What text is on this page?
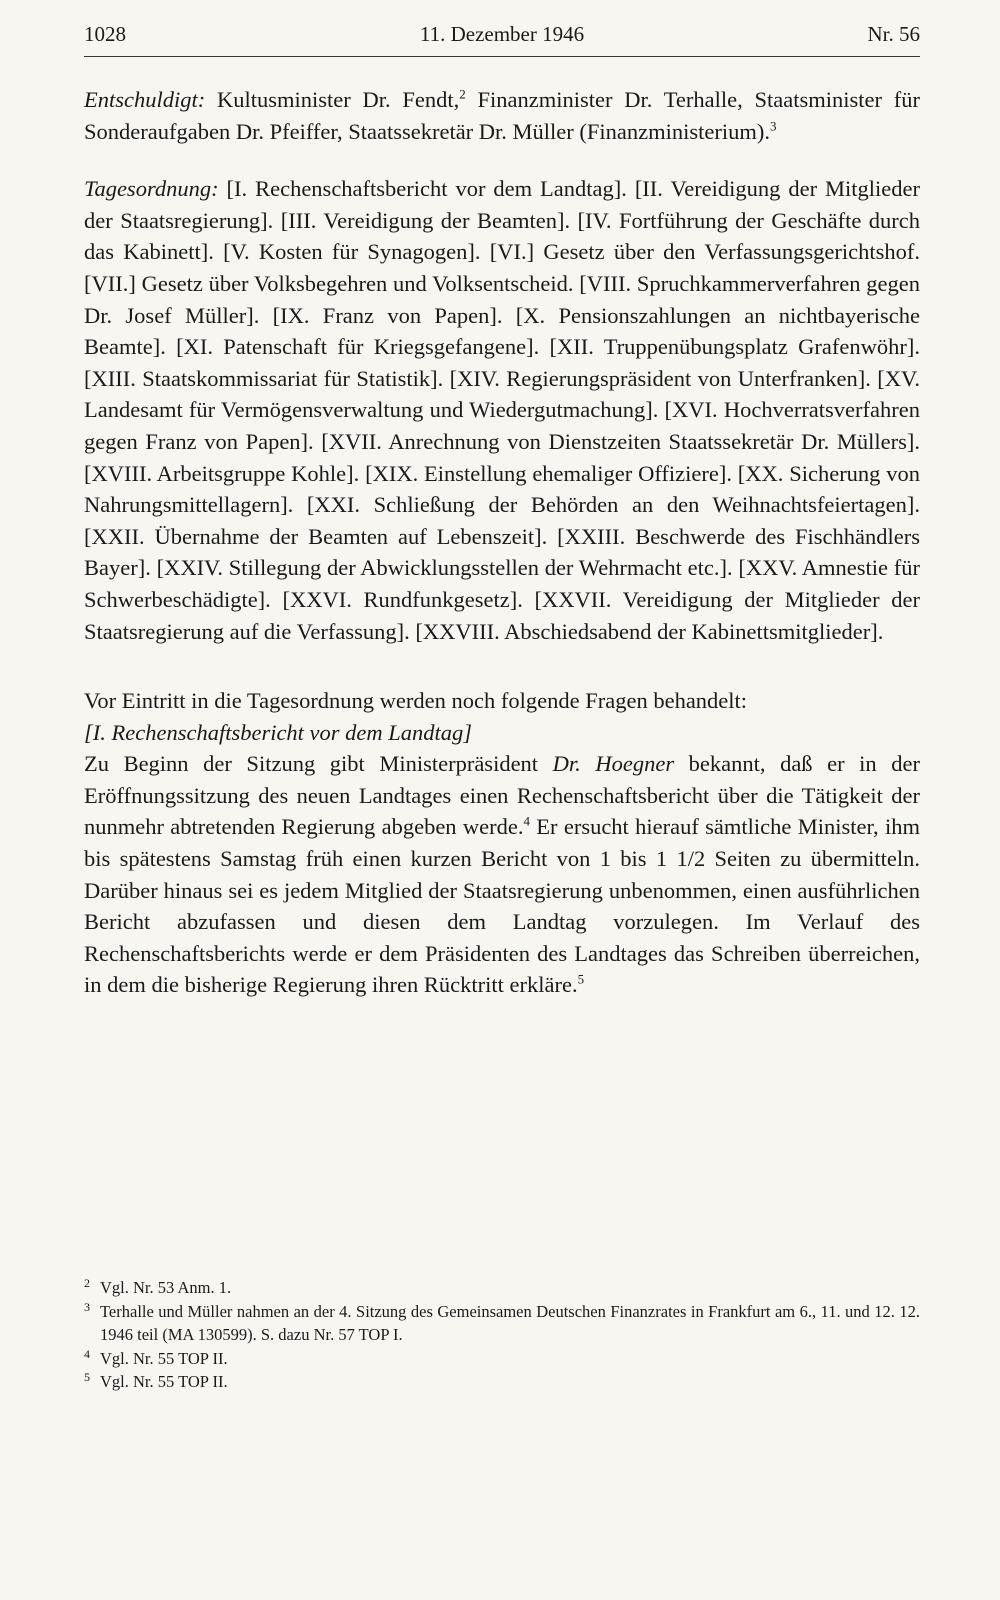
1028	11. Dezember 1946	Nr. 56

Entschuldigt: Kultusminister Dr. Fendt,$^2$ Finanzminister Dr. Terhalle, Staatsminister für Sonderaufgaben Dr. Pfeiffer, Staatssekretär Dr. Müller (Finanzministerium).$^3$

Tagesordnung: [I. Rechenschaftsbericht vor dem Landtag]. [II. Vereidigung der Mitglieder der Staatsregierung]. [III. Vereidigung der Beamten]. [IV. Fortführung der Geschäfte durch das Kabinett]. [V. Kosten für Synagogen]. [VI.] Gesetz über den Verfassungsgerichtshof. [VII.] Gesetz über Volksbegehren und Volksentscheid. [VIII. Spruchkammerverfahren gegen Dr. Josef Müller]. [IX. Franz von Papen]. [X. Pensionszahlungen an nichtbayerische Beamte]. [XI. Patenschaft für Kriegsgefangene]. [XII. Truppenübungsplatz Grafenwöhr]. [XIII. Staatskommissariat für Statistik]. [XIV. Regierungspräsident von Unterfranken]. [XV. Landesamt für Vermögensverwaltung und Wiedergutmachung]. [XVI. Hochverratsverfahren gegen Franz von Papen]. [XVII. Anrechnung von Dienstzeiten Staatssekretär Dr. Müllers]. [XVIII. Arbeitsgruppe Kohle]. [XIX. Einstellung ehemaliger Offiziere]. [XX. Sicherung von Nahrungsmittellagern]. [XXI. Schließung der Behörden an den Weihnachtsfeiertagen]. [XXII. Übernahme der Beamten auf Lebenszeit]. [XXIII. Beschwerde des Fischhändlers Bayer]. [XXIV. Stillegung der Abwicklungsstellen der Wehrmacht etc.]. [XXV. Amnestie für Schwerbeschädigte]. [XXVI. Rundfunkgesetz]. [XXVII. Vereidigung der Mitglieder der Staatsregierung auf die Verfassung]. [XXVIII. Abschiedsabend der Kabinettsmitglieder].

Vor Eintritt in die Tagesordnung werden noch folgende Fragen behandelt:

[I. Rechenschaftsbericht vor dem Landtag]

Zu Beginn der Sitzung gibt Ministerpräsident Dr. Hoegner bekannt, daß er in der Eröffnungssitzung des neuen Landtages einen Rechenschaftsbericht über die Tätigkeit der nunmehr abtretenden Regierung abgeben werde.$^4$ Er ersucht hierauf sämtliche Minister, ihm bis spätestens Samstag früh einen kurzen Bericht von 1 bis 1 1/2 Seiten zu übermitteln. Darüber hinaus sei es jedem Mitglied der Staatsregierung unbenommen, einen ausführlichen Bericht abzufassen und diesen dem Landtag vorzulegen. Im Verlauf des Rechenschaftsberichts werde er dem Präsidenten des Landtages das Schreiben überreichen, in dem die bisherige Regierung ihren Rücktritt erkläre.$^5$

2 Vgl. Nr. 53 Anm. 1.
3 Terhalle und Müller nahmen an der 4. Sitzung des Gemeinsamen Deutschen Finanzrates in Frankfurt am 6., 11. und 12. 12. 1946 teil (MA 130599). S. dazu Nr. 57 TOP I.
4 Vgl. Nr. 55 TOP II.
5 Vgl. Nr. 55 TOP II.
